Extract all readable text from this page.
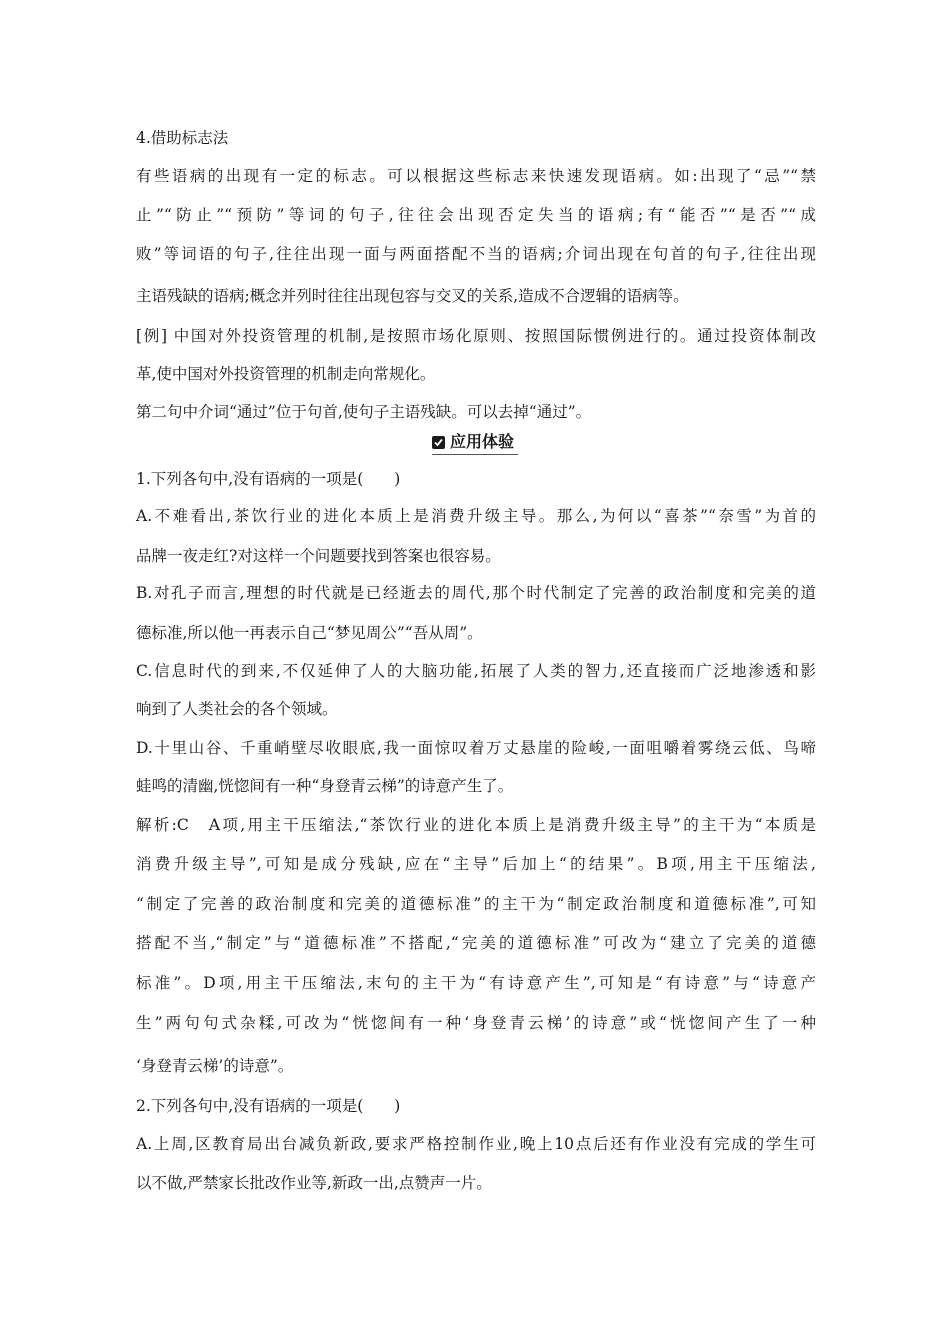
4.借助标志法
有些语病的出现有一定的标志。可以根据这些标志来快速发现语病。如:出现了“忌”“禁
止”“防止”“预防”等词的句子,往往会出现否定失当的语病;有“能否”“是否”“成
败”等词语的句子,往往出现一面与两面搭配不当的语病;介词出现在句首的句子,往往出现
主语残缺的语病;概念并列时往往出现包容与交叉的关系,造成不合逻辑的语病等。
[例] 中国对外投资管理的机制,是按照市场化原则、按照国际惯例进行的。通过投资体制改
革,使中国对外投资管理的机制走向常规化。
第二句中介词“通过”位于句首,使句子主语残缺。可以去掉“通过”。
应用体验
1.下列各句中,没有语病的一项是(　　)
A.不难看出,茶饮行业的进化本质上是消费升级主导。那么,为何以“喜茶”“奈雪”为首的
品牌一夜走红?对这样一个问题要找到答案也很容易。
B.对孔子而言,理想的时代就是已经逝去的周代,那个时代制定了完善的政治制度和完美的道
德标准,所以他一再表示自己“梦见周公”“吾从周”。
C.信息时代的到来,不仅延伸了人的大脑功能,拓展了人类的智力,还直接而广泛地渗透和影
响到了人类社会的各个领域。
D.十里山谷、千重峭壁尽收眼底,我一面惊叹着万丈悬崖的险峻,一面咀嚼着雾绕云低、鸟啼
蛙鸣的清幽,恍惚间有一种“身登青云梯”的诗意产生了。
解析:C　A项,用主干压缩法,“茶饮行业的进化本质上是消费升级主导”的主干为“本质是
消费升级主导”,可知是成分残缺,应在“主导”后加上“的结果”。B项,用主干压缩法,
“制定了完善的政治制度和完美的道德标准”的主干为“制定政治制度和道德标准”,可知
搭配不当,“制定”与“道德标准”不搭配,“完美的道德标准”可改为“建立了完美的道德
标准”。D项,用主干压缩法,末句的主干为“有诗意产生”,可知是“有诗意”与“诗意产
生”两句句式杂糅,可改为“恍惚间有一种‘身登青云梯’的诗意”或“恍惚间产生了一种
‘身登青云梯’的诗意”。
2.下列各句中,没有语病的一项是(　　)
A.上周,区教育局出台减负新政,要求严格控制作业,晚上10点后还有作业没有完成的学生可
以不做,严禁家长批改作业等,新政一出,点赞声一片。
